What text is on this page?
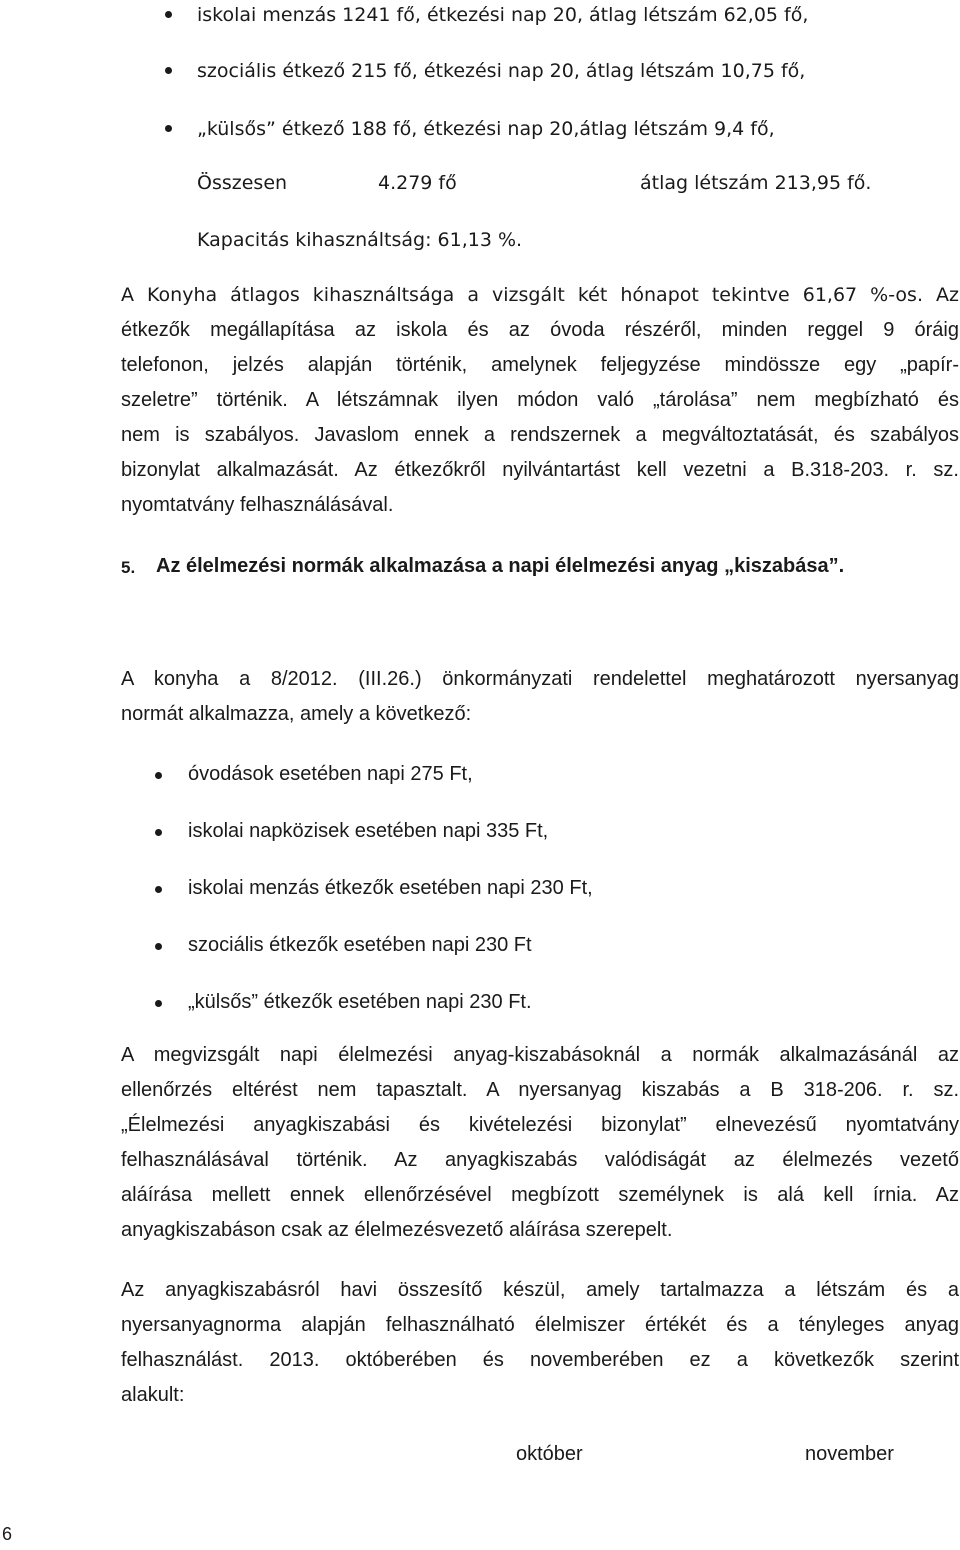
iskolai menzás 1241 fő, étkezési nap 20, átlag létszám 62,05 fő,
szociális étkező 215 fő, étkezési nap 20, átlag létszám 10,75 fő,
„külsős” étkező 188 fő, étkezési nap 20,átlag létszám 9,4 fő,
Összesen	4.279 fő	átlag létszám 213,95 fő.
Kapacitás kihasználtság: 61,13 %.
A Konyha átlagos kihasználtsága a vizsgált két hónapot tekintve 61,67 %-os. Az
étkezők megállapítása az iskola és az óvoda részéről, minden reggel 9 óráig
telefonon, jelzés alapján történik, amelynek feljegyzése mindössze egy „papír-
szeletre” történik. A létszámnak ilyen módon való „tárolása” nem megbízható és
nem is szabályos. Javaslom ennek a rendszernek a megváltoztatását, és szabályos
bizonylat alkalmazását. Az étkezőkről nyilvántartást kell vezetni a B.318-203. r. sz.
nyomtatvány felhasználásával.
5. Az élelmezési normák alkalmazása a napi élelmezési anyag „kiszabása”.
A konyha a 8/2012. (III.26.) önkormányzati rendelettel meghatározott nyersanyag
normát alkalmazza, amely a következő:
óvodások esetében napi 275 Ft,
iskolai napközisek esetében napi 335 Ft,
iskolai menzás étkezők esetében napi 230 Ft,
szociális étkezők esetében napi 230 Ft
„külsős” étkezők esetében napi 230 Ft.
A megvizsgált napi élelmezési anyag-kiszabásoknál a normák alkalmazásánál az
ellenőrzés eltérést nem tapasztalt. A nyersanyag kiszabás a B 318-206. r. sz.
„Élelmezési anyagkiszabási és kivételezési bizonylat” elnevezésű nyomtatvány
felhasználásával történik. Az anyagkiszabás valódiságát az élelmezés vezető
aláírása mellett ennek ellenőrzésével megbízott személynek is alá kell írnia. Az
anyagkiszabáson csak az élelmezésvezető aláírása szerepelt.
Az anyagkiszabásról havi összesítő készül, amely tartalmazza a létszám és a
nyersanyagnorma alapján felhasználható élelmiszer értékét és a tényleges anyag
felhasználást. 2013. októberében és novemberében ez a következők szerint
alakult:
október	november
6
